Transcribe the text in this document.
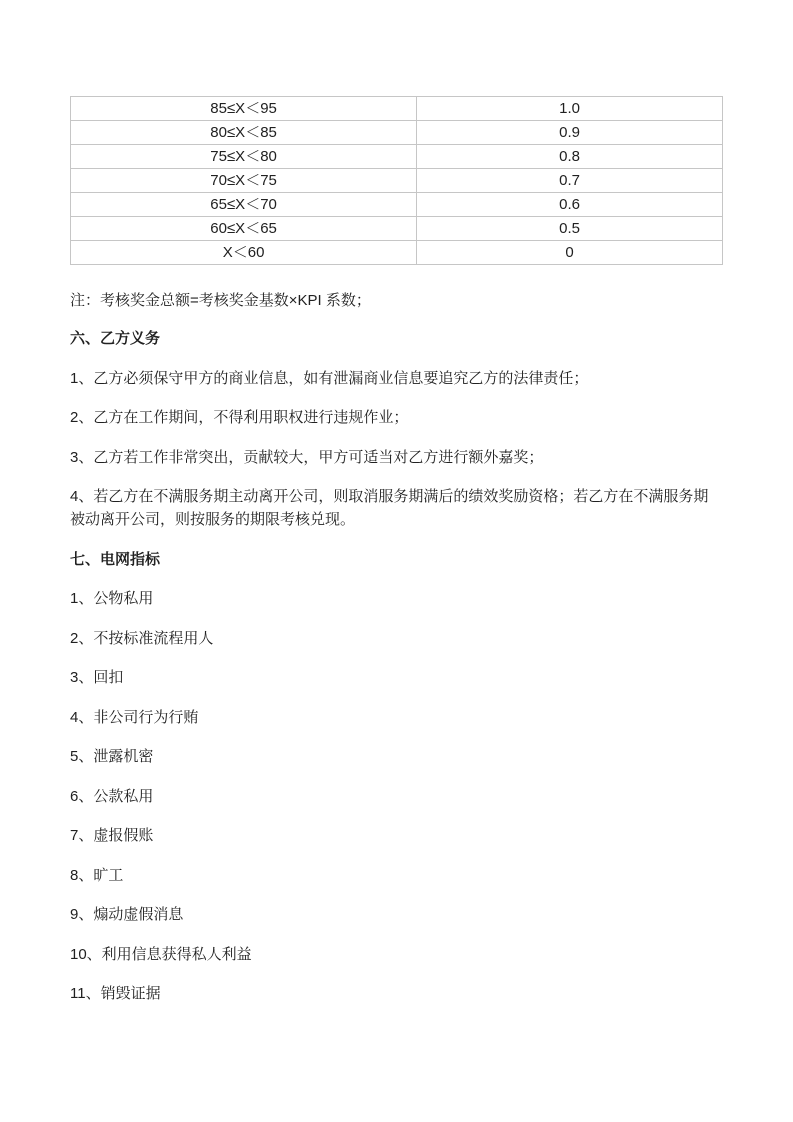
85≤X＜95	1.0
80≤X＜85	0.9
75≤X＜80	0.8
70≤X＜75	0.7
65≤X＜70	0.6
60≤X＜65	0.5
X＜60	0

注：考核奖金总额=考核奖金基数×KPI 系数；

六、乙方义务

1、乙方必须保守甲方的商业信息，如有泄漏商业信息要追究乙方的法律责任；

2、乙方在工作期间，不得利用职权进行违规作业；

3、乙方若工作非常突出，贡献较大，甲方可适当对乙方进行额外嘉奖；

4、若乙方在不满服务期主动离开公司，则取消服务期满后的绩效奖励资格；若乙方在不满服务期被动离开公司，则按服务的期限考核兑现。

七、电网指标

1、公物私用

2、不按标准流程用人

3、回扣

4、非公司行为行贿

5、泄露机密

6、公款私用

7、虚报假账

8、旷工

9、煽动虚假消息

10、利用信息获得私人利益

11、销毁证据
